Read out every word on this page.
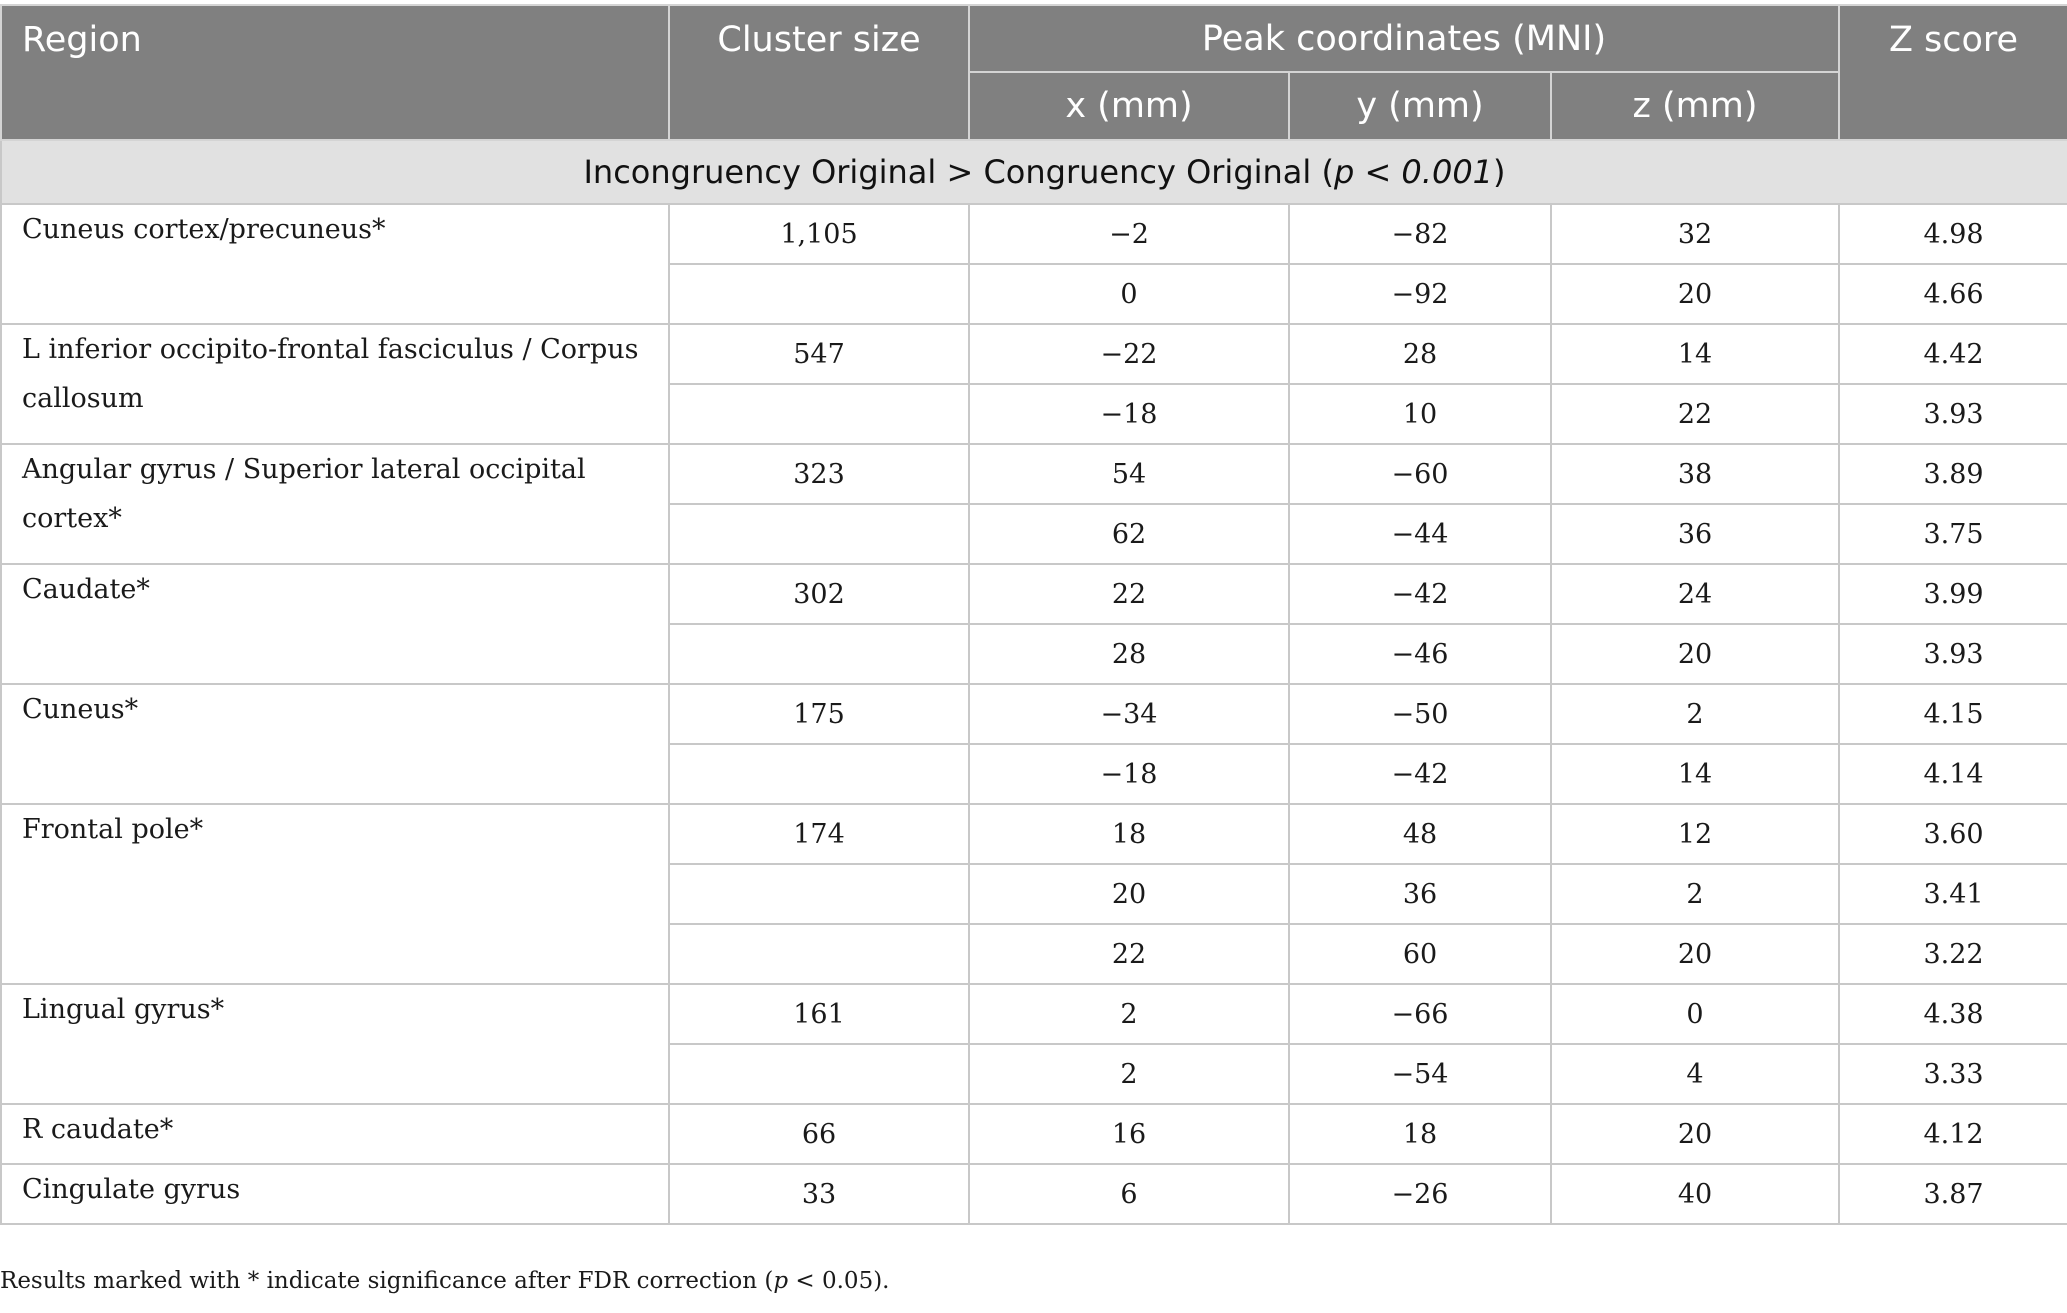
Region	Cluster size	Peak coordinates (MNI)			Z score
		x (mm)	y (mm)	z (mm)	
Incongruency Original > Congruency Original (p < 0.001)					
Cuneus cortex/precuneus*	1,105	−2	−82	32	4.98
		0	−92	20	4.66
L inferior occipito-frontal fasciculus / Corpus callosum	547	−22	28	14	4.42
		−18	10	22	3.93
Angular gyrus / Superior lateral occipital cortex*	323	54	−60	38	3.89
		62	−44	36	3.75
Caudate*	302	22	−42	24	3.99
		28	−46	20	3.93
Cuneus*	175	−34	−50	2	4.15
		−18	−42	14	4.14
Frontal pole*	174	18	48	12	3.60
		20	36	2	3.41
		22	60	20	3.22
Lingual gyrus*	161	2	−66	0	4.38
		2	−54	4	3.33
R caudate*	66	16	18	20	4.12
Cingulate gyrus	33	6	−26	40	3.87
Results marked with * indicate significance after FDR correction (p < 0.05).
